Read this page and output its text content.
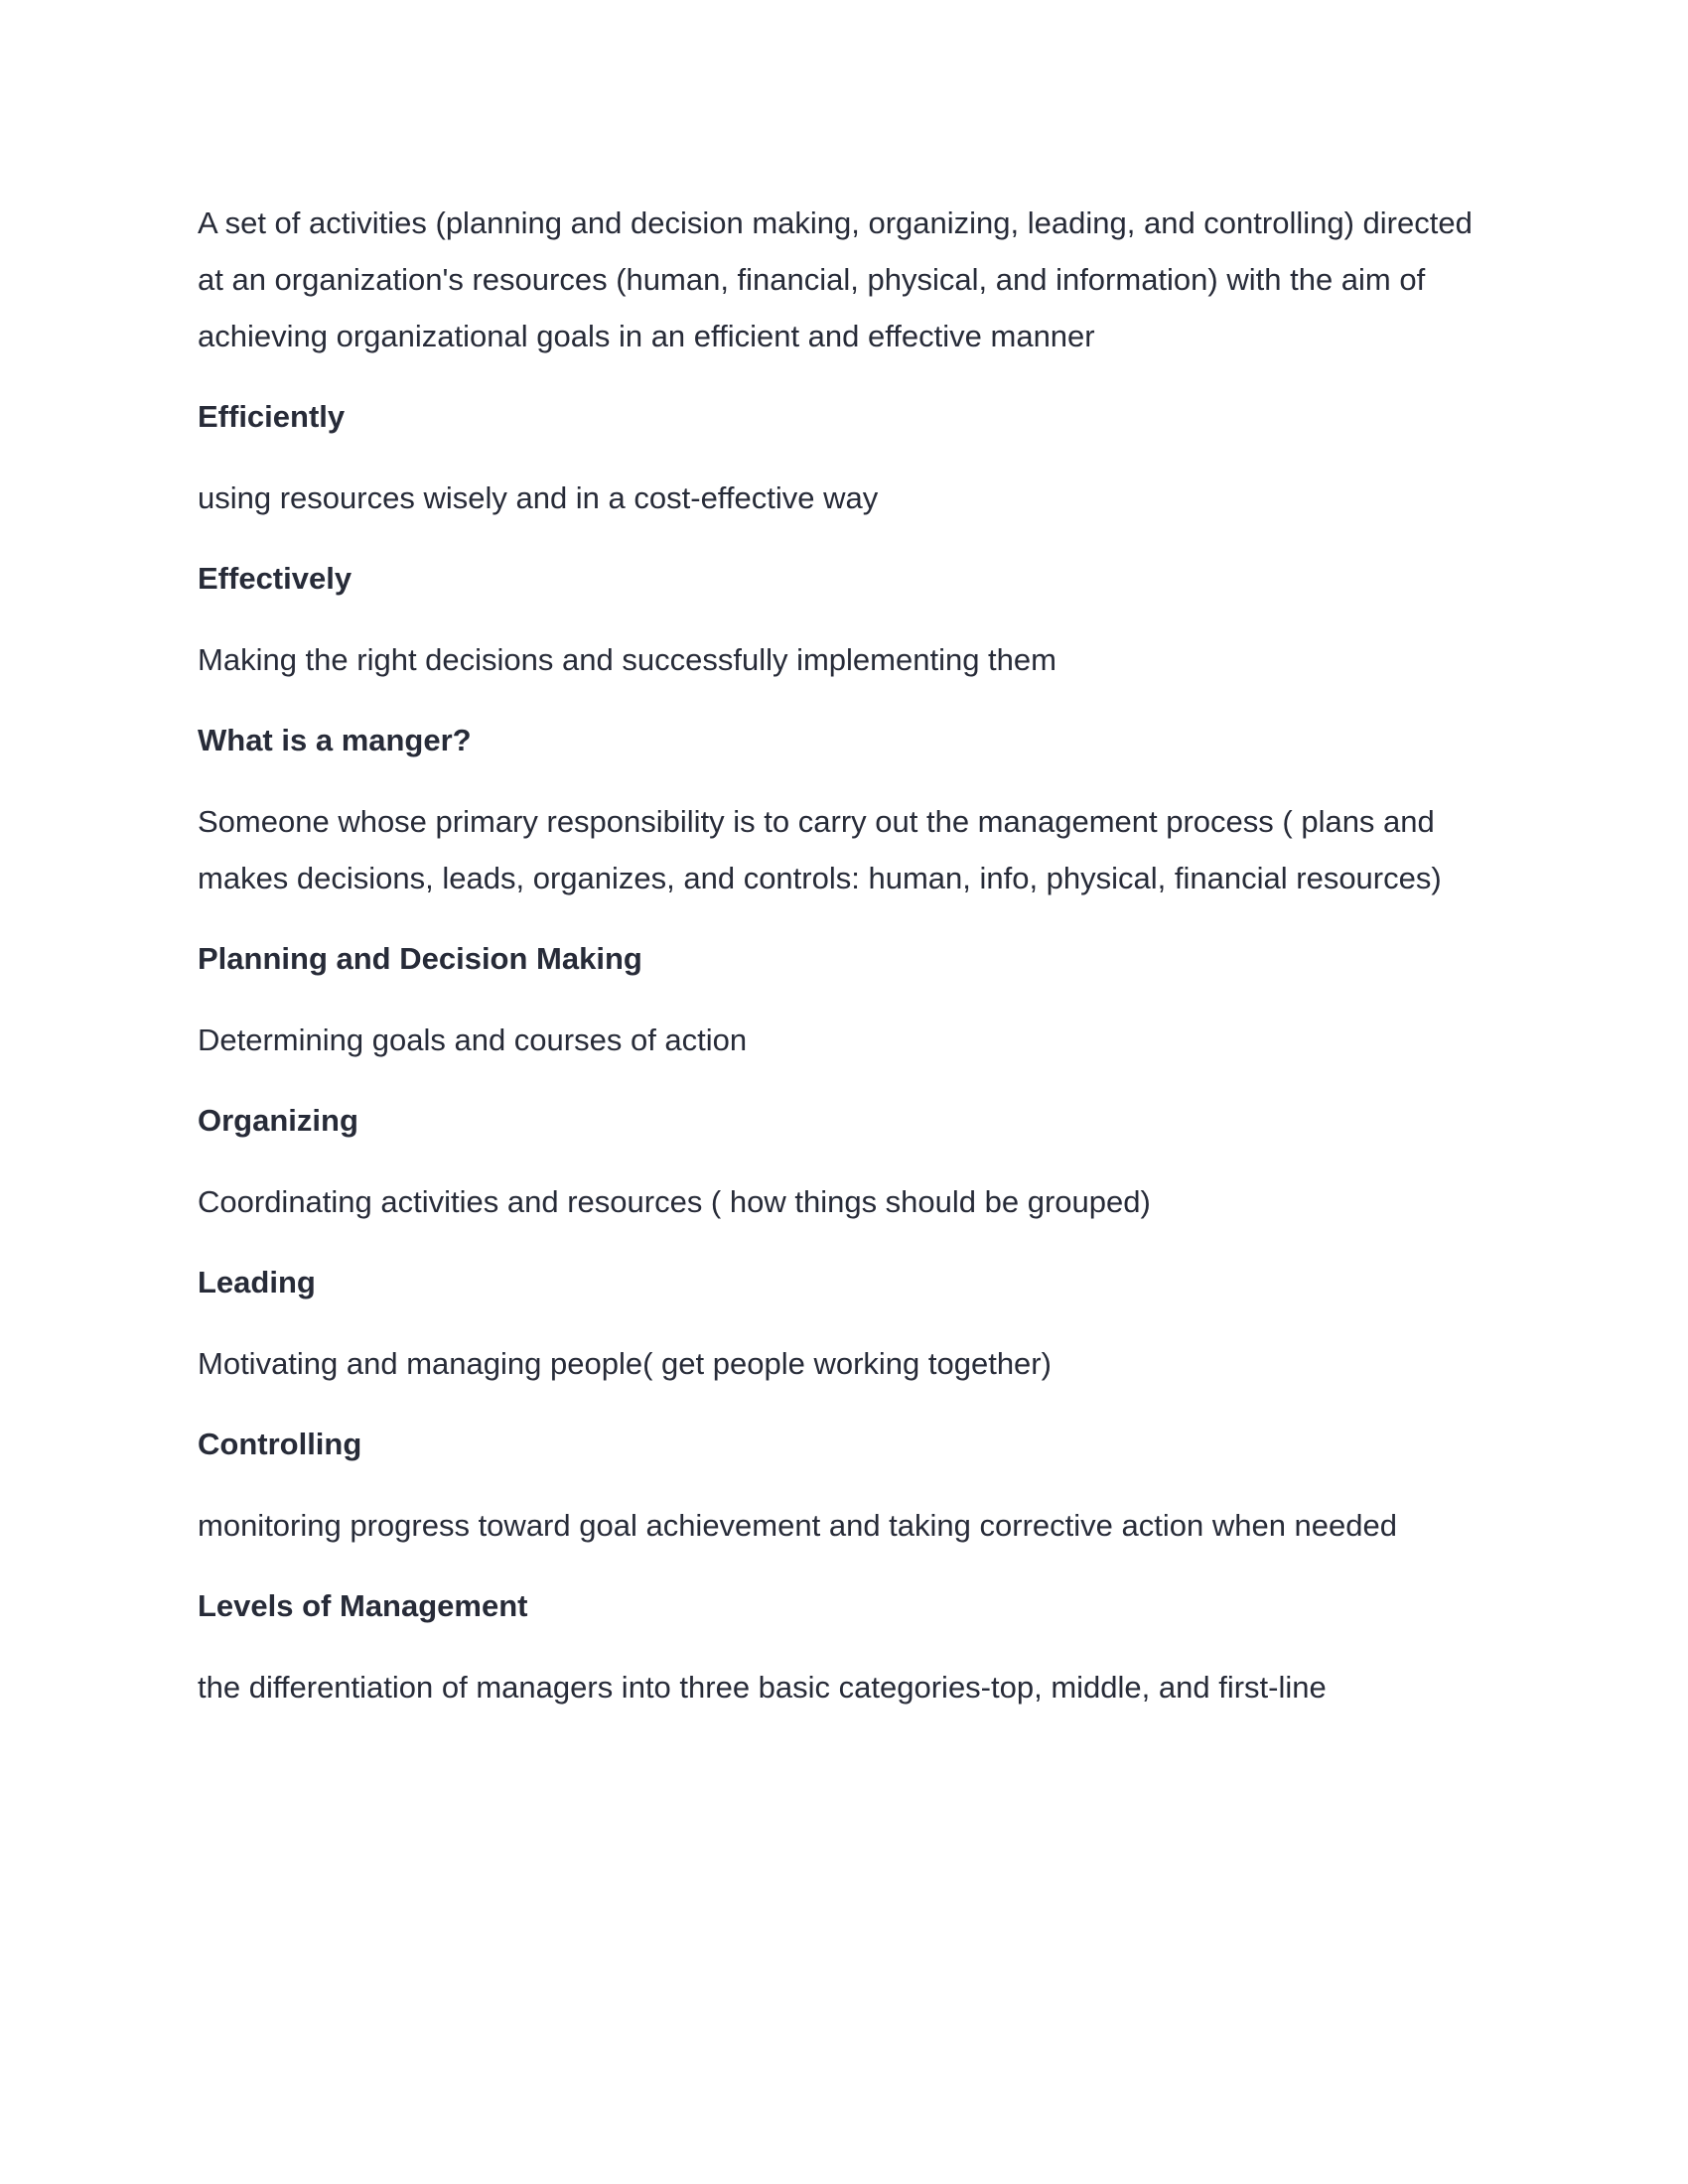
A set of activities (planning and decision making, organizing, leading, and controlling) directed at an organization's resources (human, financial, physical, and information) with the aim of achieving organizational goals in an efficient and effective manner

Efficiently

using resources wisely and in a cost-effective way

Effectively

Making the right decisions and successfully implementing them

What is a manger?

Someone whose primary responsibility is to carry out the management process ( plans and makes decisions, leads, organizes, and controls: human, info, physical, financial resources)

Planning and Decision Making

Determining goals and courses of action

Organizing

Coordinating activities and resources ( how things should be grouped)

Leading

Motivating and managing people( get people working together)

Controlling

monitoring progress toward goal achievement and taking corrective action when needed

Levels of Management

the differentiation of managers into three basic categories-top, middle, and first-line
